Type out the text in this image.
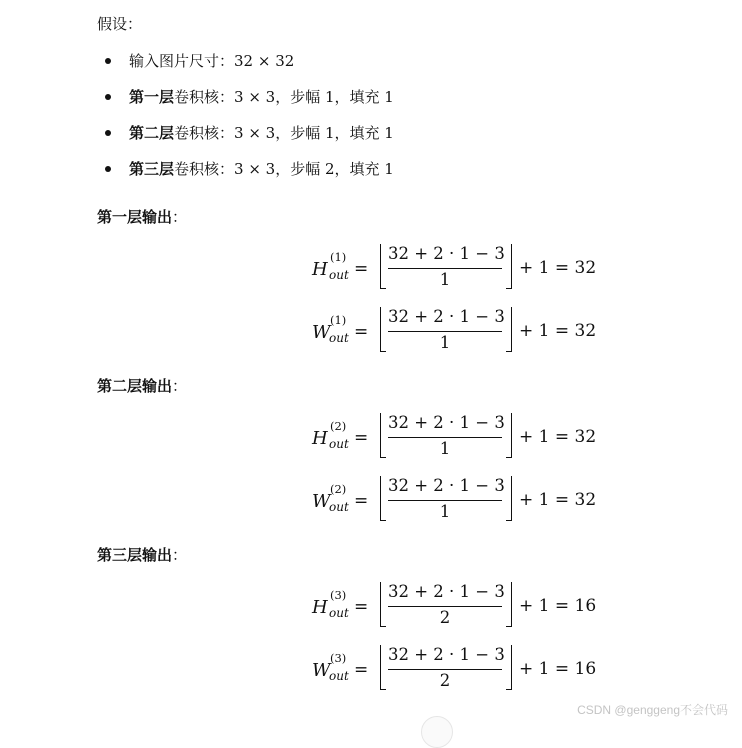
假设：
输入图片尺寸：32 × 32
第一层卷积核：3 × 3，步幅 1，填充 1
第二层卷积核：3 × 3，步幅 1，填充 1
第三层卷积核：3 × 3，步幅 2，填充 1
第一层输出：
H
(1)
out =
32 + 2 · 1 − 3
1
+ 1 = 32
W
(1)
out =
32 + 2 · 1 − 3
1
+ 1 = 32
第二层输出：
H
(2)
out =
32 + 2 · 1 − 3
1
+ 1 = 32
W
(2)
out =
32 + 2 · 1 − 3
1
+ 1 = 32
第三层输出：
H
(3)
out =
32 + 2 · 1 − 3
2
+ 1 = 16
W
(3)
out =
32 + 2 · 1 − 3
2
+ 1 = 16
CSDN @genggeng不会代码
